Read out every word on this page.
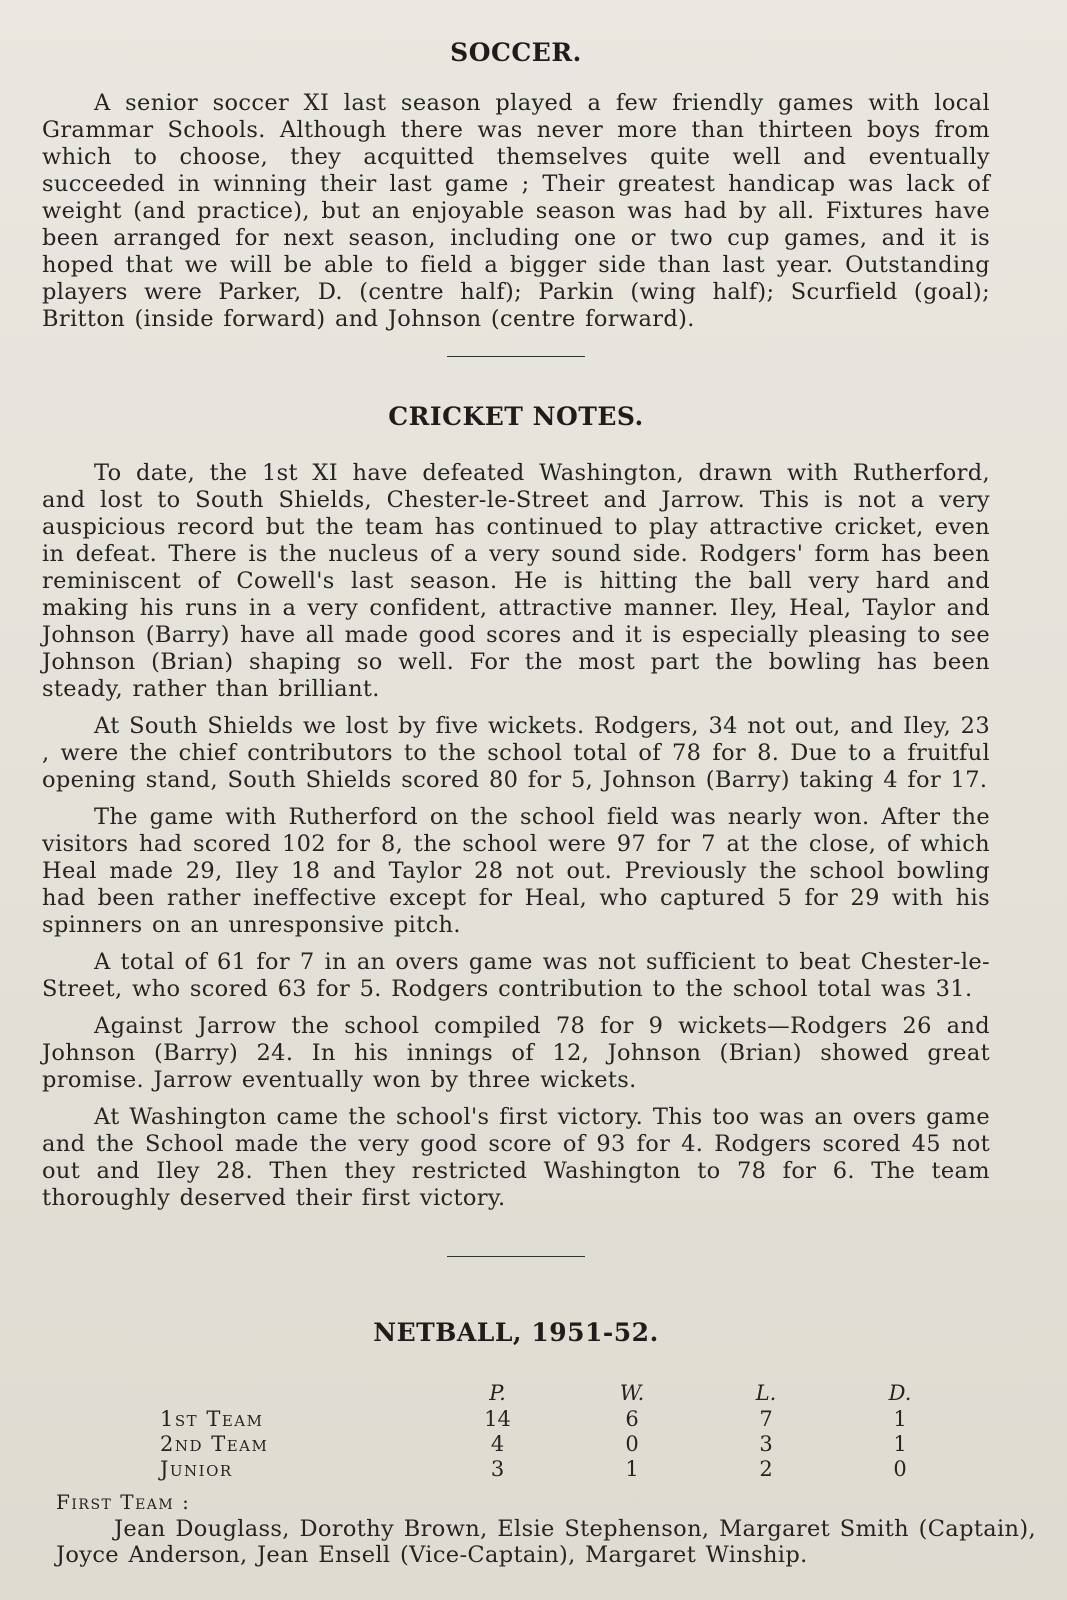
SOCCER.

A senior soccer XI last season played a few friendly games with local Grammar Schools. Although there was never more than thirteen boys from which to choose, they acquitted themselves quite well and eventually succeeded in winning their last game ; Their greatest handicap was lack of weight (and practice), but an enjoyable season was had by all. Fixtures have been arranged for next season, including one or two cup games, and it is hoped that we will be able to field a bigger side than last year. Outstanding players were Parker, D. (centre half); Parkin (wing half); Scurfield (goal); Britton (inside forward) and Johnson (centre forward).

CRICKET NOTES.

To date, the 1st XI have defeated Washington, drawn with Rutherford, and lost to South Shields, Chester-le-Street and Jarrow. This is not a very auspicious record but the team has continued to play attractive cricket, even in defeat. There is the nucleus of a very sound side. Rodgers' form has been reminiscent of Cowell's last season. He is hitting the ball very hard and making his runs in a very confident, attractive manner. Iley, Heal, Taylor and Johnson (Barry) have all made good scores and it is especially pleasing to see Johnson (Brian) shaping so well. For the most part the bowling has been steady, rather than brilliant.

At South Shields we lost by five wickets. Rodgers, 34 not out, and Iley, 23 , were the chief contributors to the school total of 78 for 8. Due to a fruitful opening stand, South Shields scored 80 for 5, Johnson (Barry) taking 4 for 17.

The game with Rutherford on the school field was nearly won. After the visitors had scored 102 for 8, the school were 97 for 7 at the close, of which Heal made 29, Iley 18 and Taylor 28 not out. Previously the school bowling had been rather ineffective except for Heal, who captured 5 for 29 with his spinners on an unresponsive pitch.

A total of 61 for 7 in an overs game was not sufficient to beat Chester-le-Street, who scored 63 for 5. Rodgers contribution to the school total was 31.

Against Jarrow the school compiled 78 for 9 wickets—Rodgers 26 and Johnson (Barry) 24. In his innings of 12, Johnson (Brian) showed great promise. Jarrow eventually won by three wickets.

At Washington came the school's first victory. This too was an overs game and the School made the very good score of 93 for 4. Rodgers scored 45 not out and Iley 28. Then they restricted Washington to 78 for 6. The team thoroughly deserved their first victory.

NETBALL, 1951-52.
	P.	W.	L.	D.
1st Team	14	6	7	1
2nd Team	4	0	3	1
Junior	3	1	2	0

First Team :

Jean Douglass, Dorothy Brown, Elsie Stephenson, Margaret Smith (Captain), Joyce Anderson, Jean Ensell (Vice-Captain), Margaret Winship.
